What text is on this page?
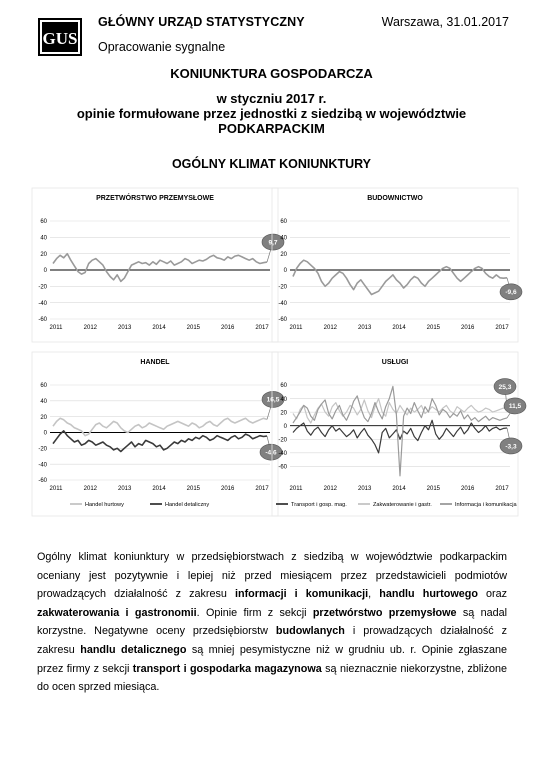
GUS
GŁÓWNY URZĄD STATYSTYCZNY	Warszawa, 31.01.2017
Opracowanie sygnalne
KONIUNKTURA GOSPODARCZA
w styczniu 2017 r.
opinie formułowane przez jednostki z siedzibą w województwie
PODKARPACKIM
OGÓLNY KLIMAT KONIUNKTURY
PRZETWÓRSTWO PRZEMYSŁOWE
60
40
20
0
-20
-40
-60
2011	2012	2013	2014	2015	2016	2017
9,7
BUDOWNICTWO
60
40
20
0
-20
-40
-60
2011	2012	2013	2014	2015	2016	2017
-9,6
HANDEL
60
40
20
0
-20
-40
-60
2011	2012	2013	2014	2015	2016	2017
16,5
-4,6
Handel hurtowy	Handel detaliczny
USŁUGI
60
40
20
0
-20
-40
-60
2011	2012	2013	2014	2015	2016	2017
25,3
11,5
-3,3
Transport i gosp. mag.	Zakwaterowanie i gastr.	Informacja i komunikacja
Ogólny klimat koniunktury w przedsiębiorstwach z siedzibą w województwie podkarpackim oceniany jest pozytywnie i lepiej niż przed miesiącem przez przedstawicieli podmiotów prowadzących działalność z zakresu informacji i komunikacji, handlu hurtowego oraz zakwaterowania i gastronomii. Opinie firm z sekcji przetwórstwo przemysłowe są nadal korzystne. Negatywne oceny przedsiębiorstw budowlanych i prowadzących działalność z zakresu handlu detalicznego są mniej pesymistyczne niż w grudniu ub. r. Opinie zgłaszane przez firmy z sekcji transport i gospodarka magazynowa są nieznacznie niekorzystne, zbliżone do ocen sprzed miesiąca.
